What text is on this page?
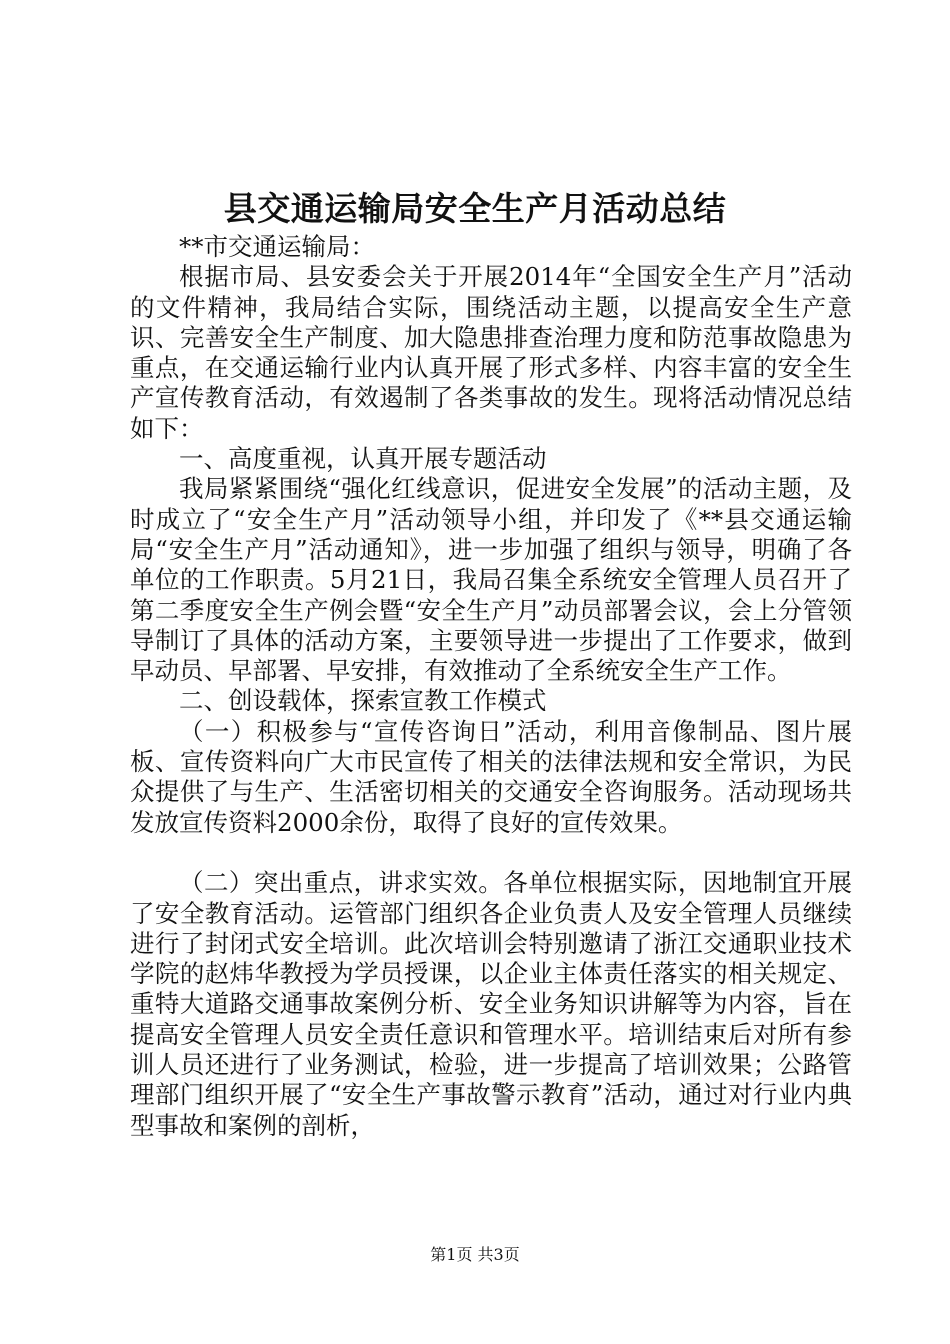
县交通运输局安全生产月活动总结

**市交通运输局：

根据市局、县安委会关于开展2014年“全国安全生产月”活动的文件精神，我局结合实际，围绕活动主题，以提高安全生产意识、完善安全生产制度、加大隐患排查治理力度和防范事故隐患为重点，在交通运输行业内认真开展了形式多样、内容丰富的安全生产宣传教育活动，有效遏制了各类事故的发生。现将活动情况总结如下：

一、高度重视，认真开展专题活动

我局紧紧围绕“强化红线意识，促进安全发展”的活动主题，及时成立了“安全生产月”活动领导小组，并印发了《**县交通运输局“安全生产月”活动通知》，进一步加强了组织与领导，明确了各单位的工作职责。5月21日，我局召集全系统安全管理人员召开了第二季度安全生产例会暨“安全生产月”动员部署会议，会上分管领导制订了具体的活动方案，主要领导进一步提出了工作要求，做到早动员、早部署、早安排，有效推动了全系统安全生产工作。

二、创设载体，探索宣教工作模式

（一）积极参与“宣传咨询日”活动，利用音像制品、图片展板、宣传资料向广大市民宣传了相关的法律法规和安全常识，为民众提供了与生产、生活密切相关的交通安全咨询服务。活动现场共发放宣传资料2000余份，取得了良好的宣传效果。

（二）突出重点，讲求实效。各单位根据实际，因地制宜开展了安全教育活动。运管部门组织各企业负责人及安全管理人员继续进行了封闭式安全培训。此次培训会特别邀请了浙江交通职业技术学院的赵炜华教授为学员授课，以企业主体责任落实的相关规定、重特大道路交通事故案例分析、安全业务知识讲解等为内容，旨在提高安全管理人员安全责任意识和管理水平。培训结束后对所有参训人员还进行了业务测试，检验，进一步提高了培训效果；公路管理部门组织开展了“安全生产事故警示教育”活动，通过对行业内典型事故和案例的剖析，

第1页 共3页
